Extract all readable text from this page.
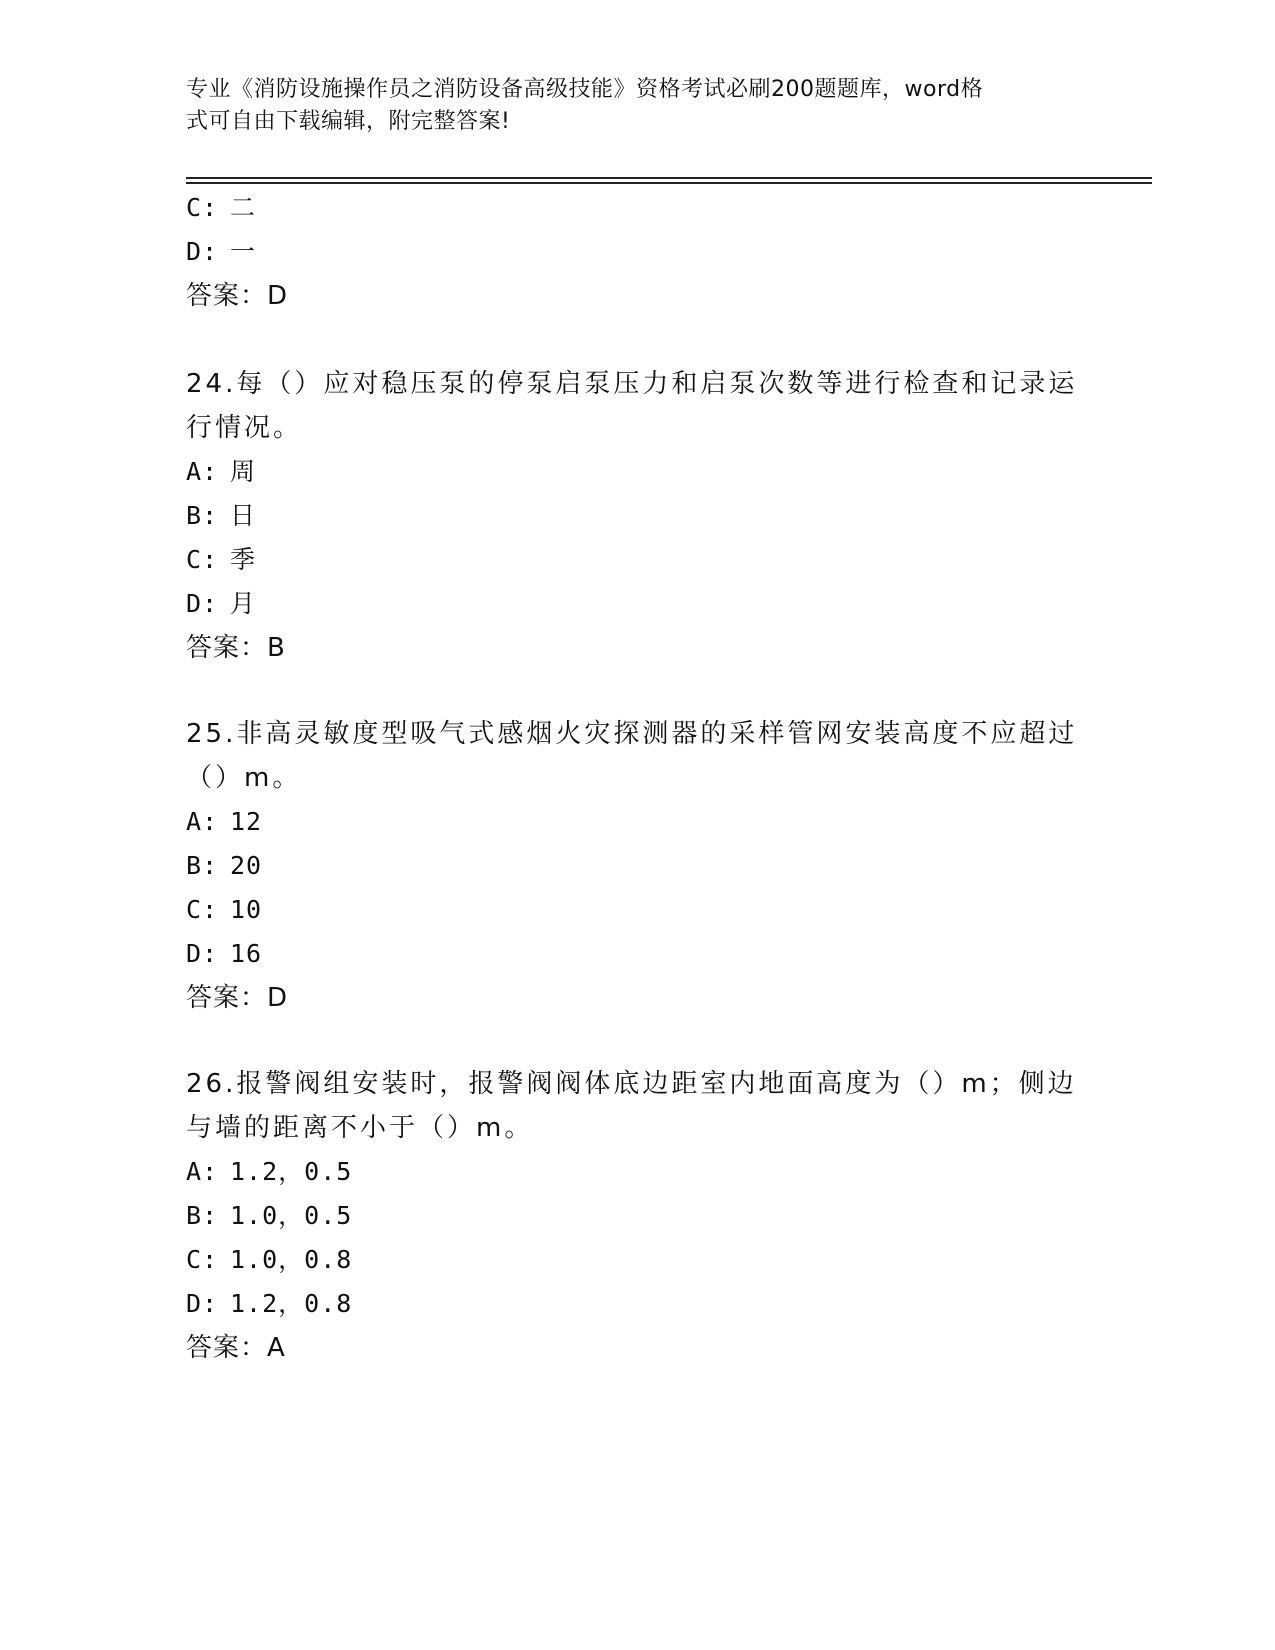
专业《消防设施操作员之消防设备高级技能》资格考试必刷200题题库，word格
式可自由下载编辑，附完整答案!
C: 二
D: 一
答案：D
24.每（）应对稳压泵的停泵启泵压力和启泵次数等进行检查和记录运
行情况。
A: 周
B: 日
C: 季
D: 月
答案：B
25.非高灵敏度型吸气式感烟火灾探测器的采样管网安装高度不应超过
（）m。
A: 12
B: 20
C: 10
D: 16
答案：D
26.报警阀组安装时，报警阀阀体底边距室内地面高度为（）m；侧边
与墙的距离不小于（）m。
A: 1.2，0.5
B: 1.0，0.5
C: 1.0，0.8
D: 1.2，0.8
答案：A
